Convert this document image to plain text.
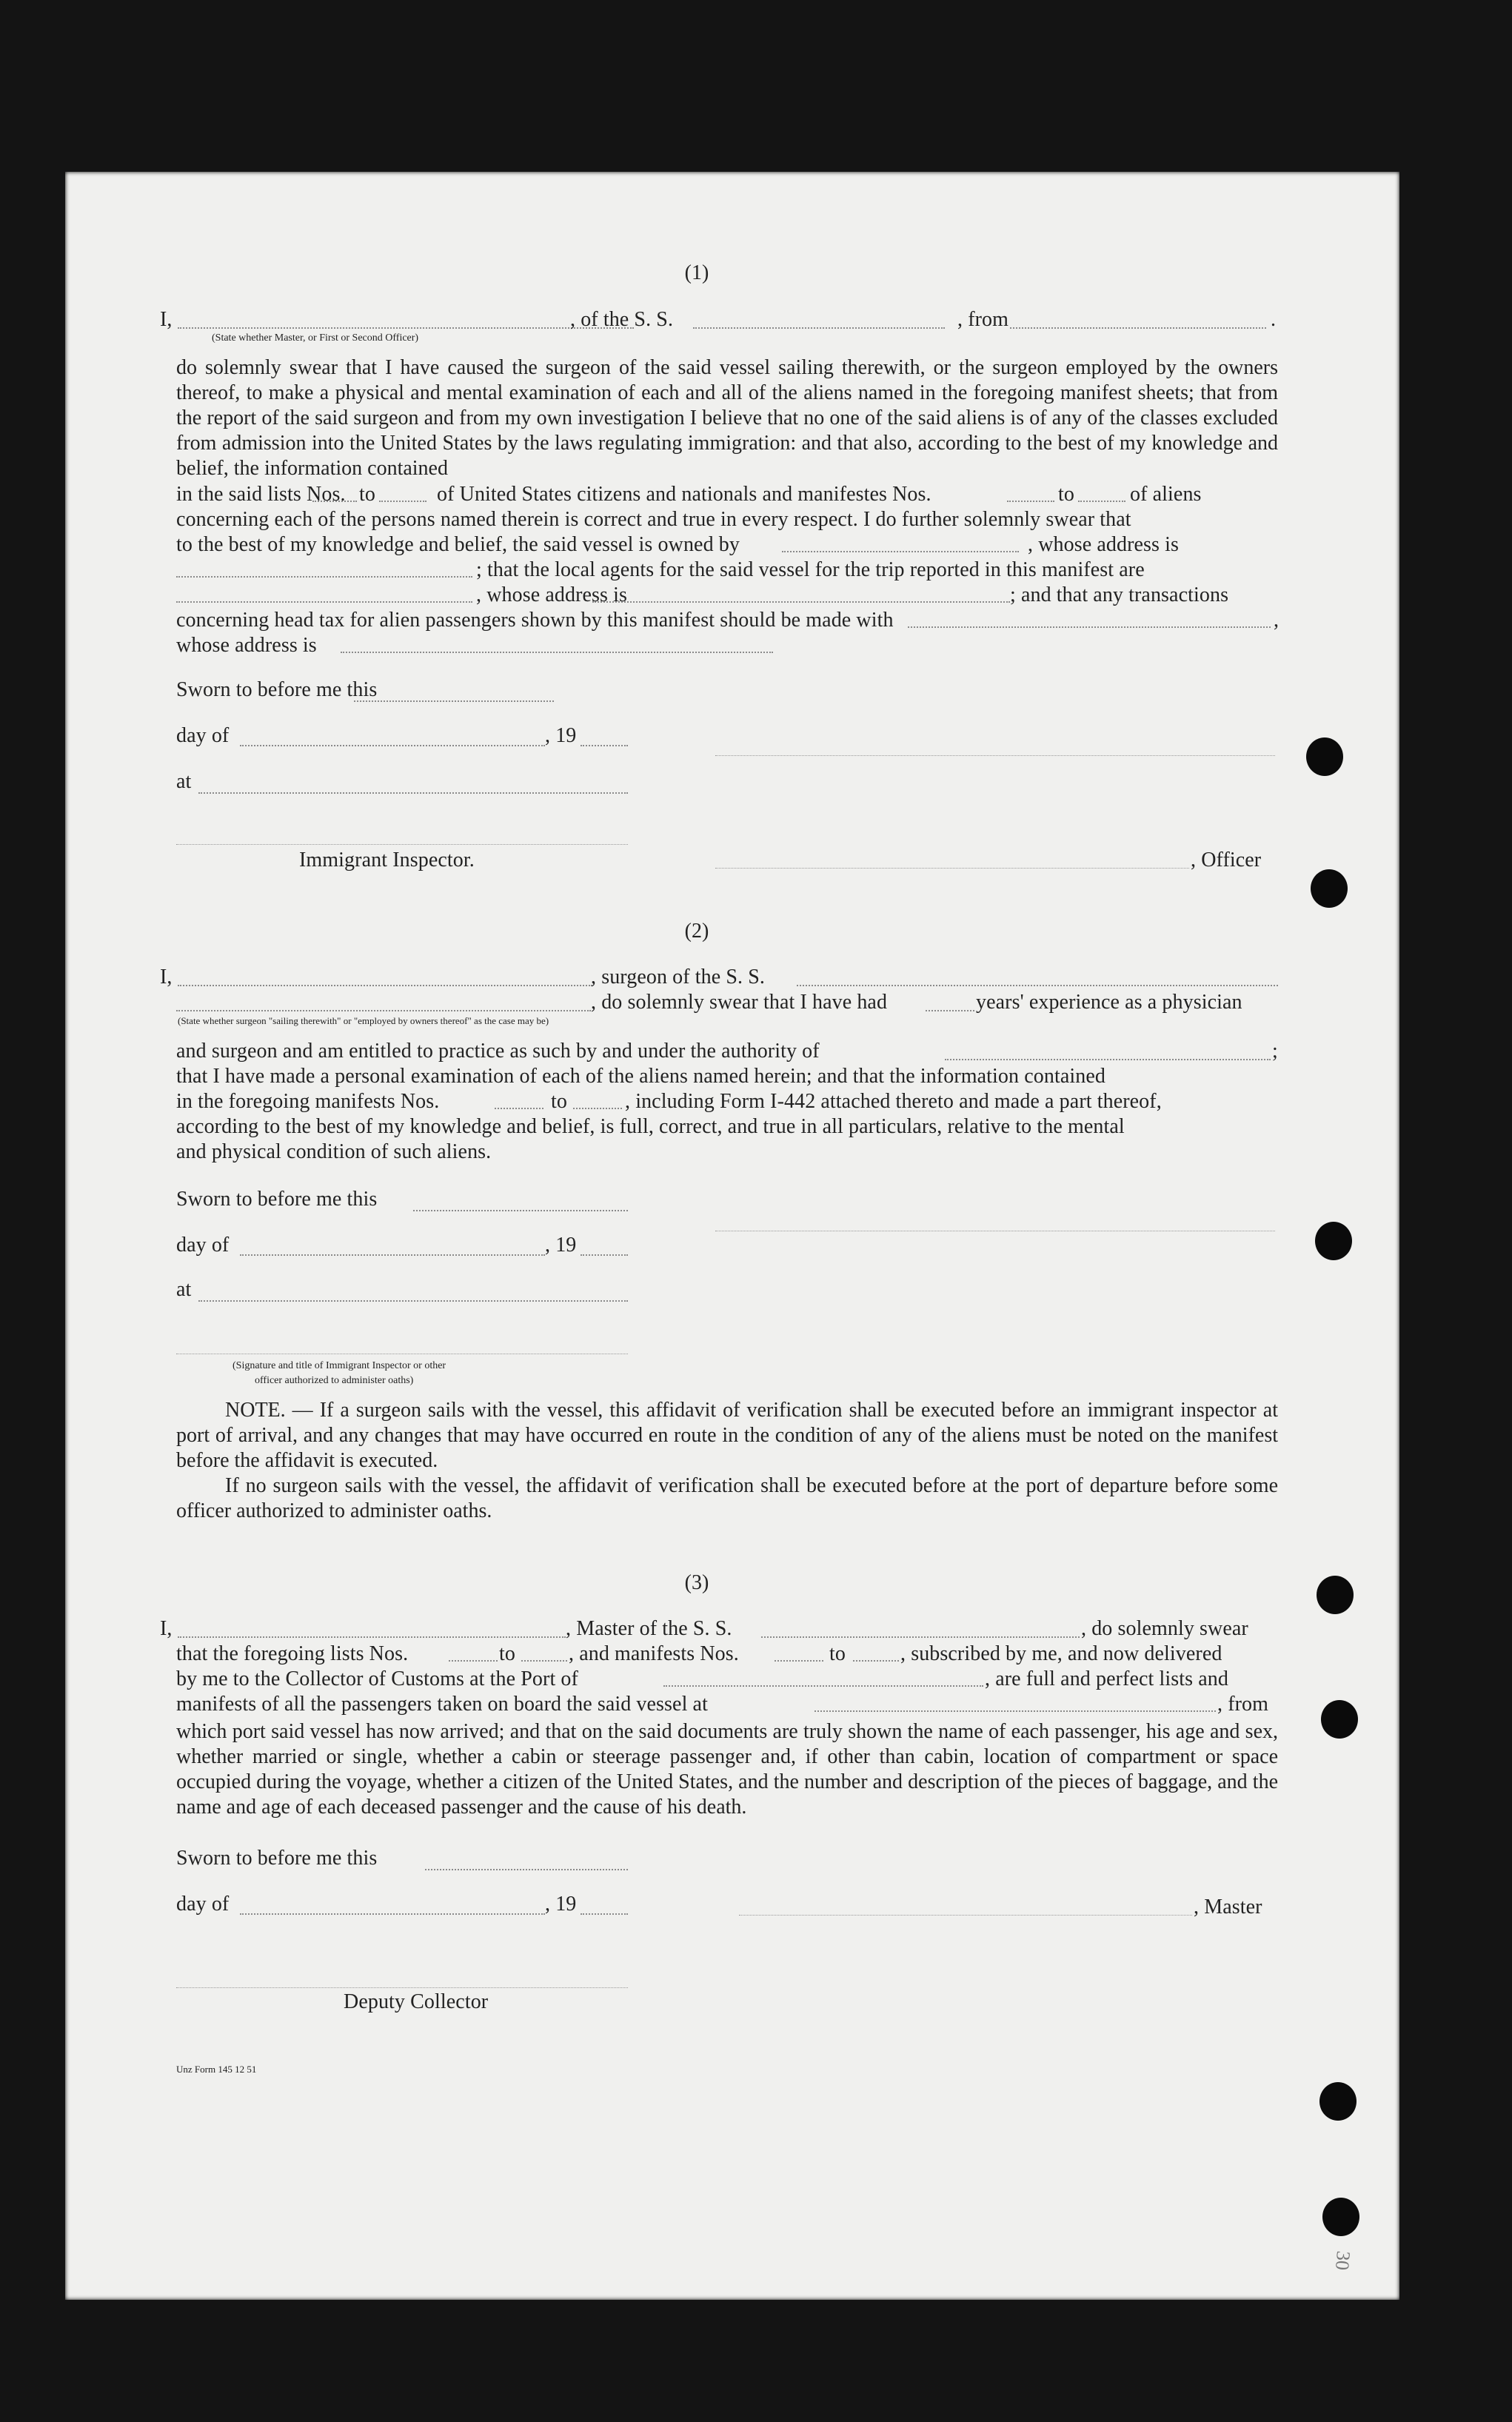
(1)
I,	, of the S. S.	, from	.
(State whether Master, or First or Second Officer)
do solemnly swear that I have caused the surgeon of the said vessel sailing therewith, or the surgeon employed by the owners thereof, to make a physical and mental examination of each and all of the aliens named in the foregoing manifest sheets; that from the report of the said surgeon and from my own investigation I believe that no one of the said aliens is of any of the classes excluded from admission into the United States by the laws regulating immigration: and that also, according to the best of my knowledge and belief, the information contained
in the said lists Nos. to	of United States citizens and nationals and manifestes Nos.	to	of aliens
concerning each of the persons named therein is correct and true in every respect. I do further solemnly swear that
to the best of my knowledge and belief, the said vessel is owned by	, whose address is
; that the local agents for the said vessel for the trip reported in this manifest are
, whose address is	; and that any transactions
concerning head tax for alien passengers shown by this manifest should be made with	,
whose address is
Sworn to before me this
day of	, 19
at
Immigrant Inspector.	, Officer
(2)
I,	, surgeon of the S. S.
, do solemnly swear that I have had	years' experience as a physician
(State whether surgeon "sailing therewith" or "employed by owners thereof" as the case may be)
and surgeon and am entitled to practice as such by and under the authority of	;
that I have made a personal examination of each of the aliens named herein; and that the information contained
in the foregoing manifests Nos.	to	, including Form I-442 attached thereto and made a part thereof,
according to the best of my knowledge and belief, is full, correct, and true in all particulars, relative to the mental
and physical condition of such aliens.
Sworn to before me this
day of	, 19
at
(Signature and title of Immigrant Inspector or other
officer authorized to administer oaths)
NOTE. — If a surgeon sails with the vessel, this affidavit of verification shall be executed before an immigrant inspector at port of arrival, and any changes that may have occurred en route in the condition of any of the aliens must be noted on the manifest before the affidavit is executed.
If no surgeon sails with the vessel, the affidavit of verification shall be executed before at the port of departure before some officer authorized to administer oaths.
(3)
I,	, Master of the S. S.	, do solemnly swear
that the foregoing lists Nos.	to	, and manifests Nos.	to	, subscribed by me, and now delivered
by me to the Collector of Customs at the Port of	, are full and perfect lists and
manifests of all the passengers taken on board the said vessel at	, from
which port said vessel has now arrived; and that on the said documents are truly shown the name of each passenger, his age and sex, whether married or single, whether a cabin or steerage passenger and, if other than cabin, location of compartment or space occupied during the voyage, whether a citizen of the United States, and the number and description of the pieces of baggage, and the name and age of each deceased passenger and the cause of his death.
Sworn to before me this
day of	, 19	, Master
Deputy Collector
Unz Form 145 12 51
30
